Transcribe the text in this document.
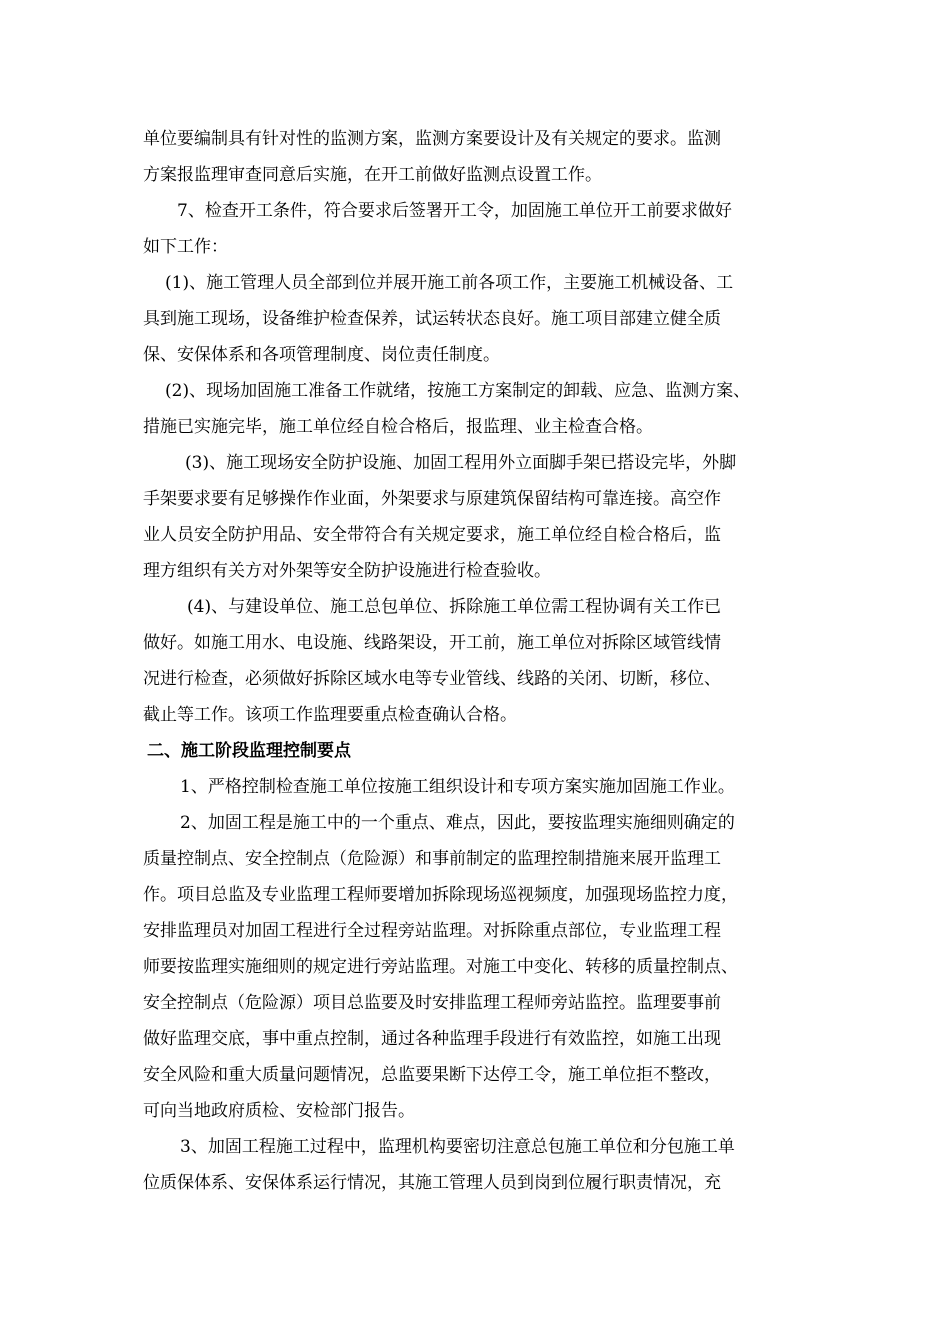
单位要编制具有针对性的监测方案，监测方案要设计及有关规定的要求。监测

方案报监理审查同意后实施，在开工前做好监测点设置工作。

7、检查开工条件，符合要求后签署开工令，加固施工单位开工前要求做好

如下工作：

(1)、施工管理人员全部到位并展开施工前各项工作，主要施工机械设备、工

具到施工现场，设备维护检查保养，试运转状态良好。施工项目部建立健全质

保、安保体系和各项管理制度、岗位责任制度。

(2)、现场加固施工准备工作就绪，按施工方案制定的卸载、应急、监测方案、

措施已实施完毕，施工单位经自检合格后，报监理、业主检查合格。

(3)、施工现场安全防护设施、加固工程用外立面脚手架已搭设完毕，外脚

手架要求要有足够操作作业面，外架要求与原建筑保留结构可靠连接。高空作

业人员安全防护用品、安全带符合有关规定要求，施工单位经自检合格后，监

理方组织有关方对外架等安全防护设施进行检查验收。

(4)、与建设单位、施工总包单位、拆除施工单位需工程协调有关工作已

做好。如施工用水、电设施、线路架设，开工前，施工单位对拆除区域管线情

况进行检查，必须做好拆除区域水电等专业管线、线路的关闭、切断，移位、

截止等工作。该项工作监理要重点检查确认合格。

二、施工阶段监理控制要点

1、严格控制检查施工单位按施工组织设计和专项方案实施加固施工作业。

2、加固工程是施工中的一个重点、难点，因此，要按监理实施细则确定的

质量控制点、安全控制点（危险源）和事前制定的监理控制措施来展开监理工

作。项目总监及专业监理工程师要增加拆除现场巡视频度，加强现场监控力度，

安排监理员对加固工程进行全过程旁站监理。对拆除重点部位，专业监理工程

师要按监理实施细则的规定进行旁站监理。对施工中变化、转移的质量控制点、

安全控制点（危险源）项目总监要及时安排监理工程师旁站监控。监理要事前

做好监理交底，事中重点控制，通过各种监理手段进行有效监控，如施工出现

安全风险和重大质量问题情况，总监要果断下达停工令，施工单位拒不整改，

可向当地政府质检、安检部门报告。

3、加固工程施工过程中，监理机构要密切注意总包施工单位和分包施工单

位质保体系、安保体系运行情况，其施工管理人员到岗到位履行职责情况，充
